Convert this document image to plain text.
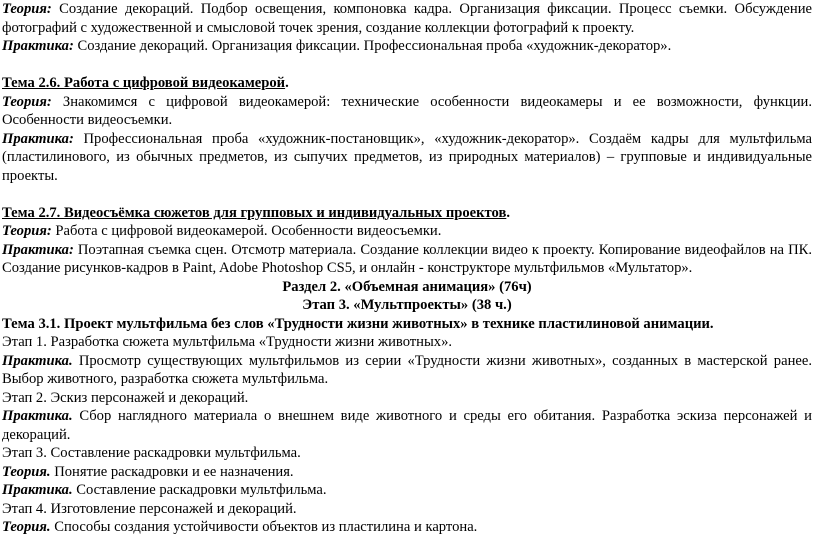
Теория: Создание декораций. Подбор освещения, компоновка кадра. Организация фиксации. Процесс съемки. Обсуждение фотографий с художественной и смысловой точек зрения, создание коллекции фотографий к проекту.

Практика: Создание декораций. Организация фиксации. Профессиональная проба «художник-декоратор».

Тема 2.6. Работа с цифровой видеокамерой.

Теория: Знакомимся с цифровой видеокамерой: технические особенности видеокамеры и ее возможности, функции. Особенности видеосъемки.

Практика: Профессиональная проба «художник-постановщик», «художник-декоратор». Создаём кадры для мультфильма (пластилинового, из обычных предметов, из сыпучих предметов, из природных материалов) – групповые и индивидуальные проекты.

Тема 2.7. Видеосъёмка сюжетов для групповых и индивидуальных проектов.

Теория: Работа с цифровой видеокамерой. Особенности видеосъемки.

Практика: Поэтапная съемка сцен. Отсмотр материала. Создание коллекции видео к проекту. Копирование видеофайлов на ПК. Создание рисунков-кадров в Paint, Adobe Photoshop CS5, и онлайн - конструкторе мультфильмов «Мультатор».

Раздел 2. «Объемная анимация» (76ч)

Этап 3. «Мультпроекты» (38 ч.)

Тема 3.1. Проект мультфильма без слов «Трудности жизни животных» в технике пластилиновой анимации.

Этап 1. Разработка сюжета мультфильма «Трудности жизни животных».

Практика. Просмотр существующих мультфильмов из серии «Трудности жизни животных», созданных в мастерской ранее. Выбор животного, разработка сюжета мультфильма.

Этап 2. Эскиз персонажей и декораций.

Практика. Сбор наглядного материала о внешнем виде животного и среды его обитания. Разработка эскиза персонажей и декораций.

Этап 3. Составление раскадровки мультфильма.

Теория. Понятие раскадровки и ее назначения.

Практика. Составление раскадровки мультфильма.

Этап 4. Изготовление персонажей и декораций.

Теория. Способы создания устойчивости объектов из пластилина и картона.
